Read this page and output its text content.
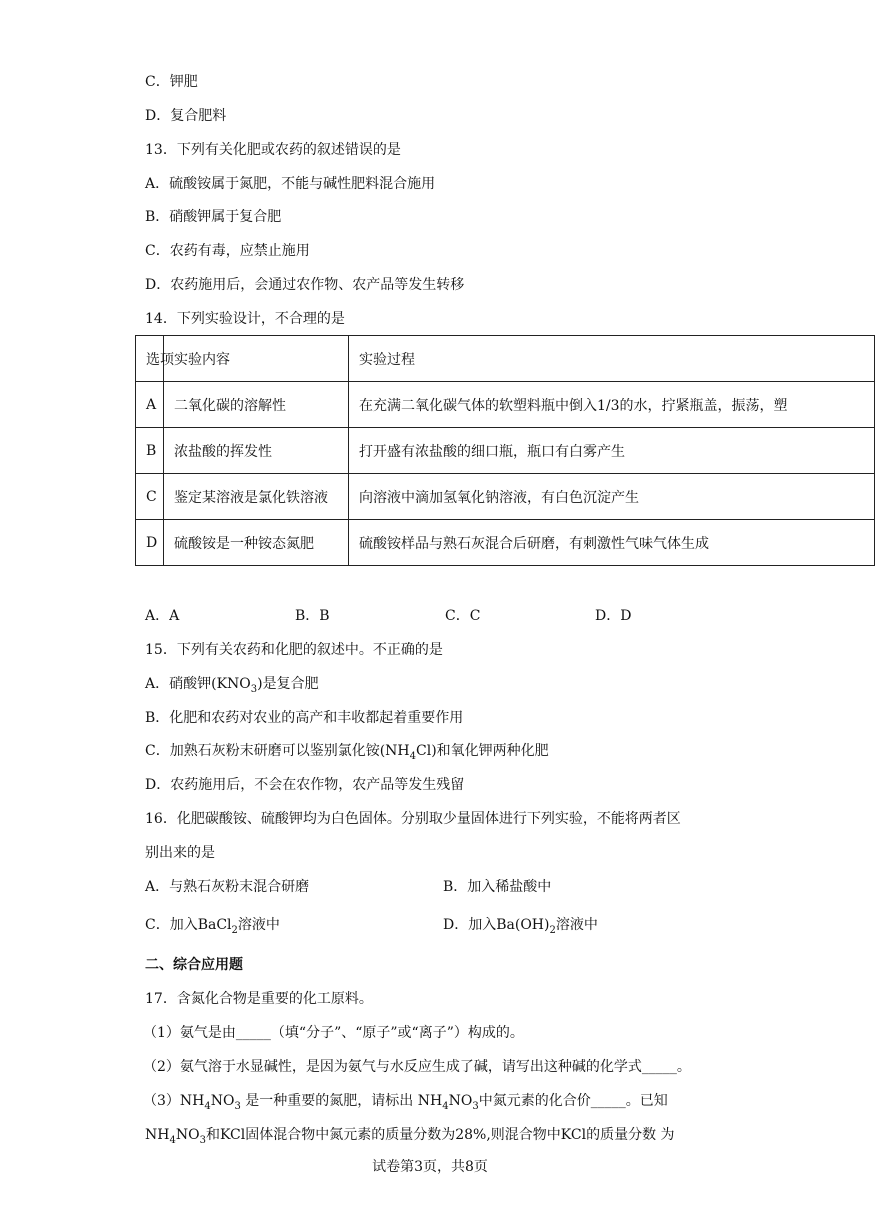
C．钾肥
D．复合肥料
13．下列有关化肥或农药的叙述错误的是
A．硫酸铵属于氮肥，不能与碱性肥料混合施用
B．硝酸钾属于复合肥
C．农药有毒，应禁止施用
D．农药施用后，会通过农作物、农产品等发生转移
14．下列实验设计，不合理的是
选项	实验内容	实验过程
A	二氧化碳的溶解性	在充满二氧化碳气体的软塑料瓶中倒入1/3的水，拧紧瓶盖，振荡，塑
B	浓盐酸的挥发性	打开盛有浓盐酸的细口瓶，瓶口有白雾产生
C	鉴定某溶液是氯化铁溶液	向溶液中滴加氢氧化钠溶液，有白色沉淀产生
D	硫酸铵是一种铵态氮肥	硫酸铵样品与熟石灰混合后研磨，有刺激性气味气体生成
A．A	B．B	C．C	D．D
15．下列有关农药和化肥的叙述中。不正确的是
A．硝酸钾$(KNO_3)$是复合肥
B．化肥和农药对农业的高产和丰收都起着重要作用
C．加熟石灰粉末研磨可以鉴别氯化铵$(NH_4Cl)$和氧化钾两种化肥
D．农药施用后，不会在农作物，农产品等发生残留
16．化肥碳酸铵、硫酸钾均为白色固体。分别取少量固体进行下列实验，不能将两者区
别出来的是
A．与熟石灰粉末混合研磨	B．加入稀盐酸中
C．加入BaCl$_2$溶液中	D．加入$Ba(OH)_2$溶液中
二、综合应用题
17．含氮化合物是重要的化工原料。
（1）氨气是由_____（填“分子”、“原子”或“离子”）构成的。
（2）氨气溶于水显碱性，是因为氨气与水反应生成了碱，请写出这种碱的化学式_____。
$(3)NH_4NO_3$ 是一种重要的氮肥，请标出 $NH_4NO_3$中氮元素的化合价_____。已知
$NH_4NO_3$和KCl固体混合物中氮元素的质量分数为28%,则混合物中KCl的质量分数 为
试卷第3页，共8页
